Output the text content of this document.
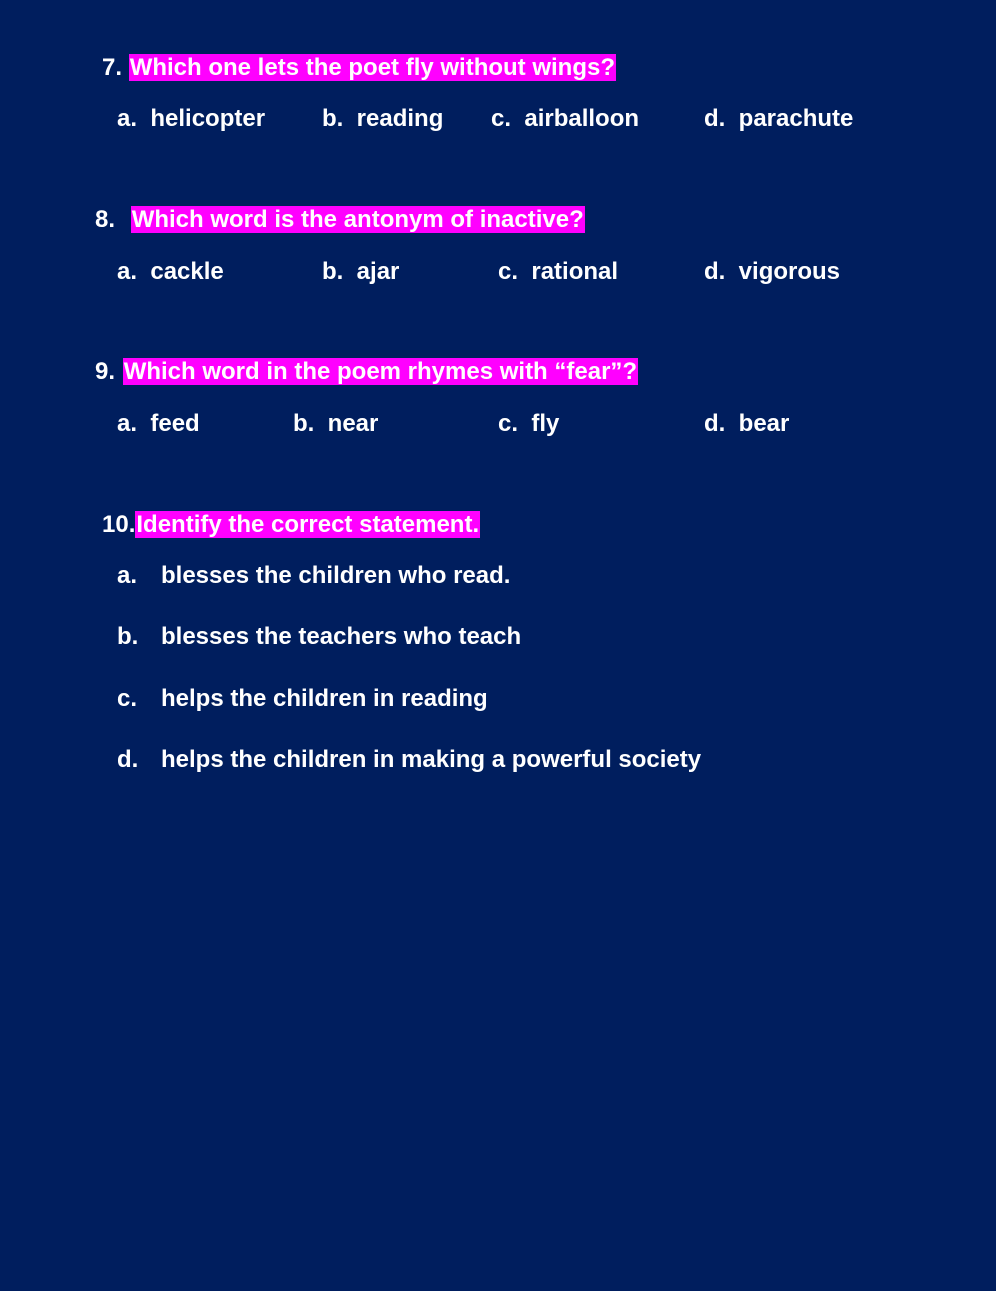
7. Which one lets the poet fly without wings?
a. helicopter b. reading c. airballoon	d. parachute
8. Which word is the antonym of inactive?
a. cackle	b. ajar	c. rational	d. vigorous
9. Which word in the poem rhymes with “fear”?
a. feed	b. near	c. fly	d. bear
10.Identify the correct statement.
a. blesses the children who read.
b. blesses the teachers who teach
c. helps the children in reading
d. helps the children in making a powerful society
